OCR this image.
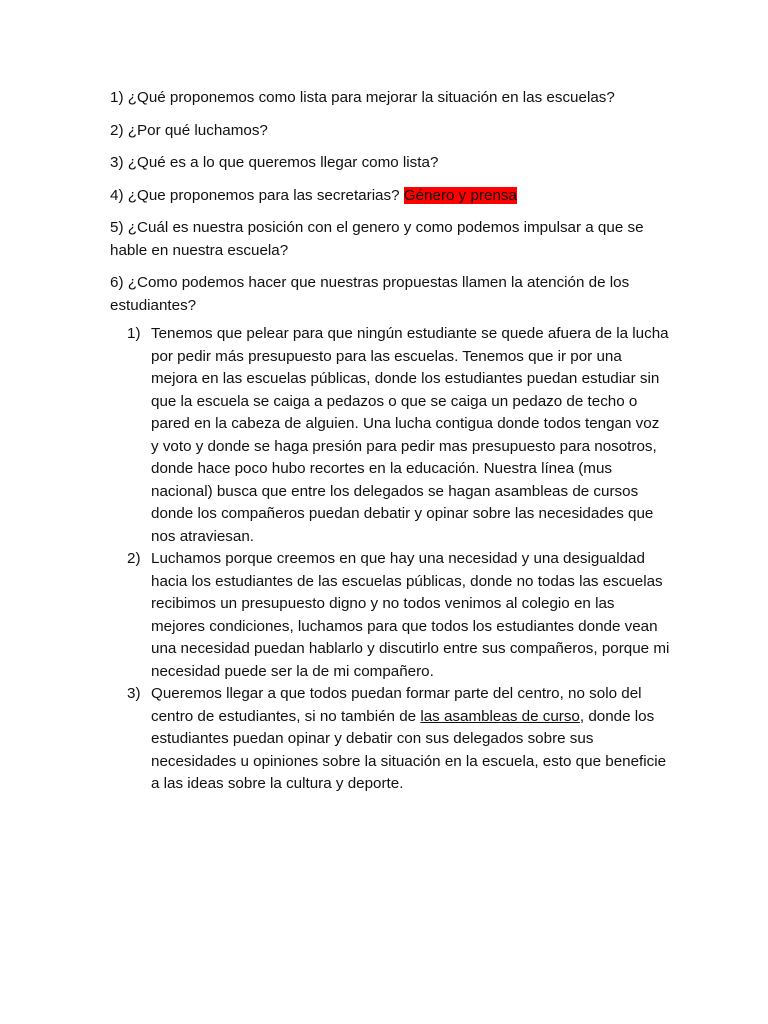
1) ¿Qué proponemos como lista para mejorar la situación en las escuelas?

2) ¿Por qué luchamos?

3) ¿Qué es a lo que queremos llegar como lista?

4) ¿Que proponemos para las secretarias? Género y prensa

5) ¿Cuál es nuestra posición con el genero y como podemos impulsar a que se hable en nuestra escuela?

6) ¿Como podemos hacer que nuestras propuestas llamen la atención de los estudiantes?

1) Tenemos que pelear para que ningún estudiante se quede afuera de la lucha por pedir más presupuesto para las escuelas. Tenemos que ir por una mejora en las escuelas públicas, donde los estudiantes puedan estudiar sin que la escuela se caiga a pedazos o que se caiga un pedazo de techo o pared en la cabeza de alguien. Una lucha contigua donde todos tengan voz y voto y donde se haga presión para pedir mas presupuesto para nosotros, donde hace poco hubo recortes en la educación. Nuestra línea (mus nacional) busca que entre los delegados se hagan asambleas de cursos donde los compañeros puedan debatir y opinar sobre las necesidades que nos atraviesan.
2) Luchamos porque creemos en que hay una necesidad y una desigualdad hacia los estudiantes de las escuelas públicas, donde no todas las escuelas recibimos un presupuesto digno y no todos venimos al colegio en las mejores condiciones, luchamos para que todos los estudiantes donde vean una necesidad puedan hablarlo y discutirlo entre sus compañeros, porque mi necesidad puede ser la de mi compañero.
3) Queremos llegar a que todos puedan formar parte del centro, no solo del centro de estudiantes, si no también de las asambleas de curso, donde los estudiantes puedan opinar y debatir con sus delegados sobre sus necesidades u opiniones sobre la situación en la escuela, esto que beneficie a las ideas sobre la cultura y deporte.
